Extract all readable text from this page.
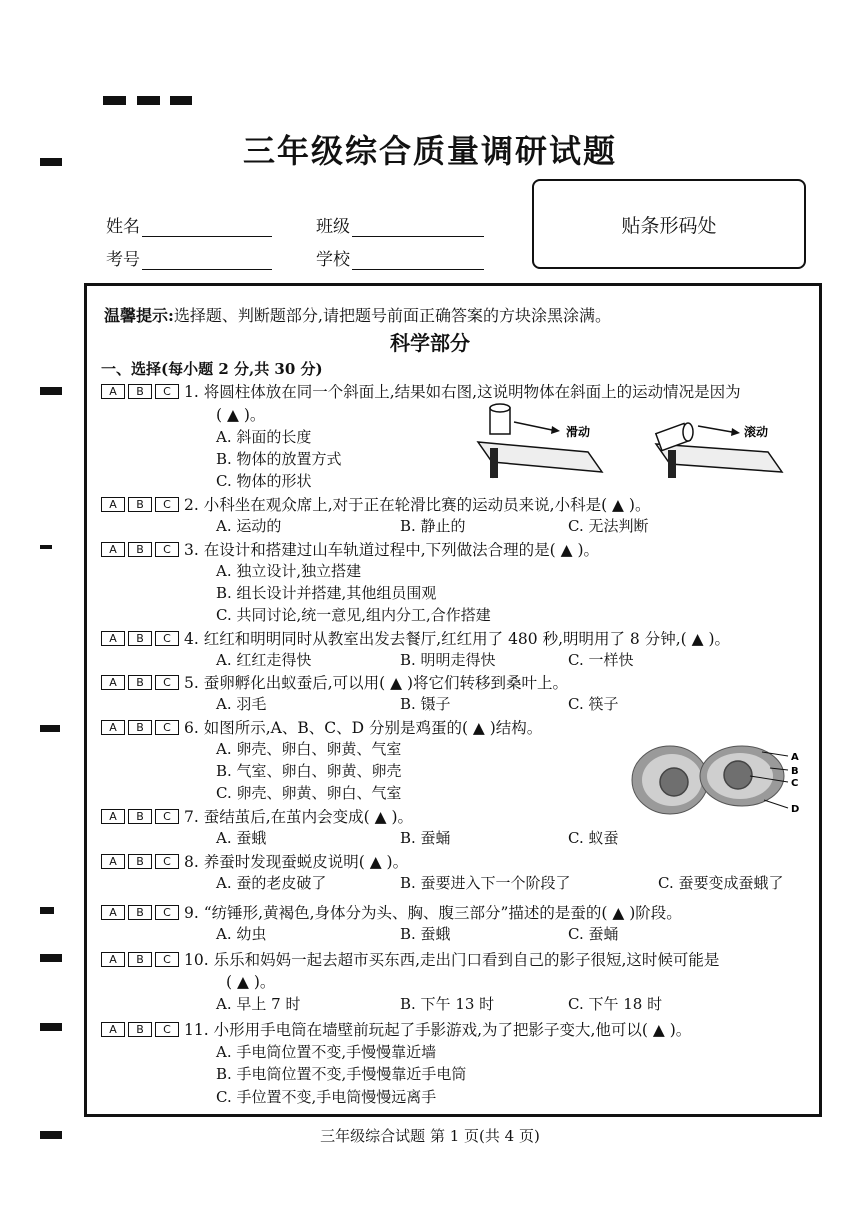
三年级综合质量调研试题
姓名	班级
考号	学校
贴条形码处
温馨提示:选择题、判断题部分,请把题号前面正确答案的方块涂黑涂满。
科学部分
一、选择(每小题 2 分,共 30 分)
A	B	C 1. 将圆柱体放在同一个斜面上,结果如右图,这说明物体在斜面上的运动情况是因为
( ▲ )。
A. 斜面的长度
B. 物体的放置方式
C. 物体的形状
滑动	滚动
A	B	C 2. 小科坐在观众席上,对于正在轮滑比赛的运动员来说,小科是( ▲ )。
A. 运动的	B. 静止的	C. 无法判断
A	B	C 3. 在设计和搭建过山车轨道过程中,下列做法合理的是( ▲ )。
A. 独立设计,独立搭建
B. 组长设计并搭建,其他组员围观
C. 共同讨论,统一意见,组内分工,合作搭建
A	B	C 4. 红红和明明同时从教室出发去餐厅,红红用了 480 秒,明明用了 8 分钟,( ▲ )。
A. 红红走得快	B. 明明走得快	C. 一样快
A	B	C 5. 蚕卵孵化出蚁蚕后,可以用( ▲ )将它们转移到桑叶上。
A. 羽毛	B. 镊子	C. 筷子
A	B	C 6. 如图所示,A、B、C、D 分别是鸡蛋的( ▲ )结构。
A. 卵壳、卵白、卵黄、气室
B. 气室、卵白、卵黄、卵壳
C. 卵壳、卵黄、卵白、气室
A
B
C
D
A	B	C 7. 蚕结茧后,在茧内会变成( ▲ )。
A. 蚕蛾	B. 蚕蛹	C. 蚁蚕
A	B	C 8. 养蚕时发现蚕蜕皮说明( ▲ )。
A. 蚕的老皮破了	B. 蚕要进入下一个阶段了	C. 蚕要变成蚕蛾了
A	B	C 9. “纺锤形,黄褐色,身体分为头、胸、腹三部分”描述的是蚕的( ▲ )阶段。
A. 幼虫	B. 蚕蛾	C. 蚕蛹
A	B	C 10. 乐乐和妈妈一起去超市买东西,走出门口看到自己的影子很短,这时候可能是
( ▲ )。
A. 早上 7 时	B. 下午 13 时	C. 下午 18 时
A	B	C 11. 小形用手电筒在墙壁前玩起了手影游戏,为了把影子变大,他可以( ▲ )。
A. 手电筒位置不变,手慢慢靠近墙
B. 手电筒位置不变,手慢慢靠近手电筒
C. 手位置不变,手电筒慢慢远离手
三年级综合试题 第 1 页(共 4 页)
